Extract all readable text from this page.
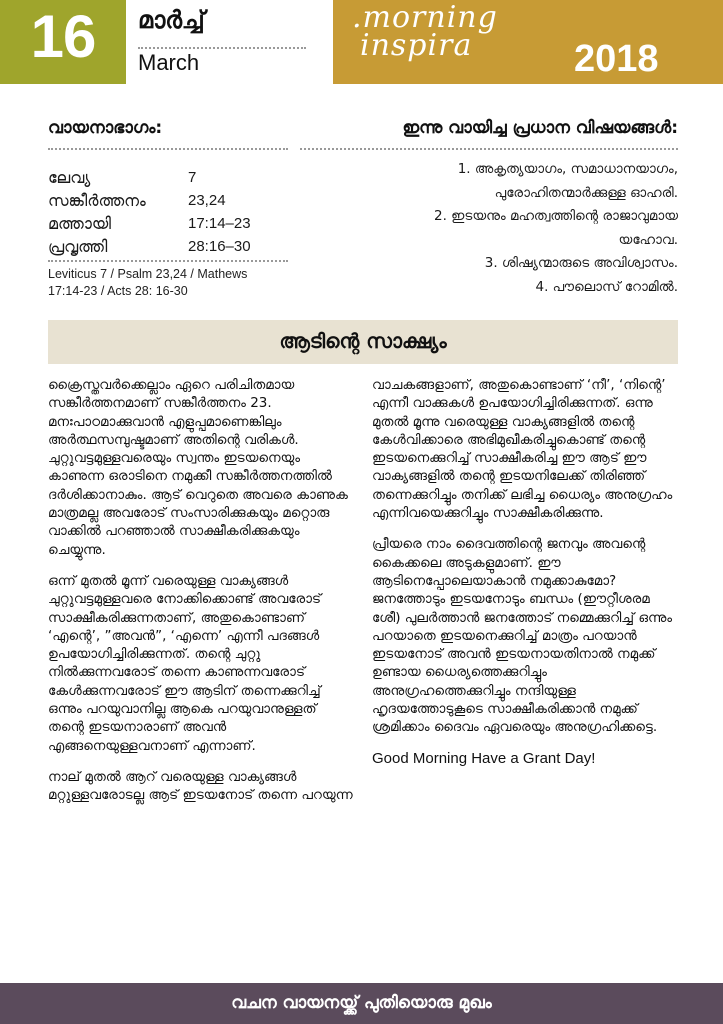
16	മാർച്ച്
March
.morning
inspira	2018
വായനാഭാഗം:
ലേവ്യ	7
സങ്കീർത്തനം	23,24
മത്തായി	17:14–23
പ്രവൃത്തി	28:16–30
Leviticus 7 / Psalm 23,24 / Mathews
17:14-23 / Acts 28: 16-30
ഇന്നു വായിച്ച പ്രധാന വിഷയങ്ങൾ:
1. അകൃത്യയാഗം, സമാധാനയാഗം,
പുരോഹിതന്മാർക്കുള്ള ഓഹരി.
2. ഇടയനും മഹത്വത്തിന്റെ രാജാവുമായ
യഹോവ.
3. ശിഷ്യന്മാരുടെ അവിശ്വാസം.
4. പൗലൊസ് റോമിൽ.
ആടിന്റെ സാക്ഷ്യം

ക്രൈസ്തവർക്കെല്ലാം ഏറെ പരിചിതമായ സങ്കീർത്തനമാണ് സങ്കീർത്തനം 23. മനഃപാഠമാക്കുവാൻ എളുപ്പമാണെങ്കിലും അർത്ഥസമ്പുഷ്ടമാണ് അതിന്റെ വരികൾ. ചുറ്റുവട്ടമുള്ളവരെയും സ്വന്തം ഇടയനെയും കാണുന്ന ഒരാടിനെ നമുക്കീ സങ്കീർത്തനത്തിൽ ദർശിക്കാനാകും. ആട് വെറുതെ അവരെ കാണുക മാത്രമല്ല അവരോട് സംസാരിക്കുകയും മറ്റൊരു വാക്കിൽ പറഞ്ഞാൽ സാക്ഷീകരിക്കുകയും ചെയ്യുന്നു.

ഒന്ന് മുതൽ മൂന്ന് വരെയുള്ള വാക്യങ്ങൾ ചുറ്റുവട്ടമുള്ളവരെ നോക്കിക്കൊണ്ട് അവരോട് സാക്ഷീകരിക്കുന്നതാണ്, അതുകൊണ്ടാണ് ‘എന്റെ’, ”അവൻ”, ‘എന്നെ’ എന്നീ പദങ്ങൾ ഉപയോഗിച്ചിരിക്കുന്നത്. തന്റെ ചുറ്റു നിൽക്കുന്നവരോട് തന്നെ കാണുന്നവരോട് കേൾക്കുന്നവരോട് ഈ ആടിന് തന്നെക്കുറിച്ച് ഒന്നും പറയുവാനില്ല ആകെ പറയുവാനുള്ളത് തന്റെ ഇടയനാരാണ് അവൻ എങ്ങനെയുള്ളവനാണ് എന്നാണ്.

നാല് മുതൽ ആറ് വരെയുള്ള വാക്യങ്ങൾ മറ്റുള്ളവരോടല്ല ആട് ഇടയനോട് തന്നെ പറയുന്ന

വാചകങ്ങളാണ്, അതുകൊണ്ടാണ് ‘നീ’, ‘നിന്റെ’ എന്നീ വാക്കുകൾ ഉപയോഗിച്ചിരിക്കുന്നത്. ഒന്നു മുതൽ മൂന്നു വരെയുള്ള വാക്യങ്ങളിൽ തന്റെ കേൾവിക്കാരെ അഭിമുഖീകരിച്ചുകൊണ്ട് തന്റെ ഇടയനെക്കുറിച്ച് സാക്ഷീകരിച്ച ഈ ആട് ഈ വാക്യങ്ങളിൽ തന്റെ ഇടയനിലേക്ക് തിരിഞ്ഞ് തന്നെക്കുറിച്ചും തനിക്ക് ലഭിച്ച ധൈര്യം അനുഗ്രഹം എന്നിവയെക്കുറിച്ചും സാക്ഷീകരിക്കുന്നു.

പ്രീയരെ നാം ദൈവത്തിന്റെ ജനവും അവന്റെ കൈക്കലെ അടുകളുമാണ്. ഈ ആടിനെപ്പോലെയാകാൻ നമുക്കാകുമോ? ജനത്തോടും ഇടയനോടും ബന്ധം (ഈറ്റീശരമ ശേീ) പുലർത്താൻ ജനത്തോട് നമ്മെക്കുറിച്ച് ഒന്നും പറയാതെ ഇടയനെക്കുറിച്ച് മാത്രം പറയാൻ ഇടയനോട് അവൻ ഇടയനായതിനാൽ നമുക്ക് ഉണ്ടായ ധൈര്യത്തെക്കുറിച്ചും അനുഗ്രഹത്തെക്കുറിച്ചും നന്ദിയുള്ള ഹൃദയത്തോടുകൂടെ സാക്ഷീകരിക്കാൻ നമുക്ക് ശ്രമിക്കാം ദൈവം ഏവരെയും അനുഗ്രഹിക്കട്ടെ.

Good Morning Have a Grant Day!
വചന വായനയ്ക്ക് പുതിയൊരു മുഖം
